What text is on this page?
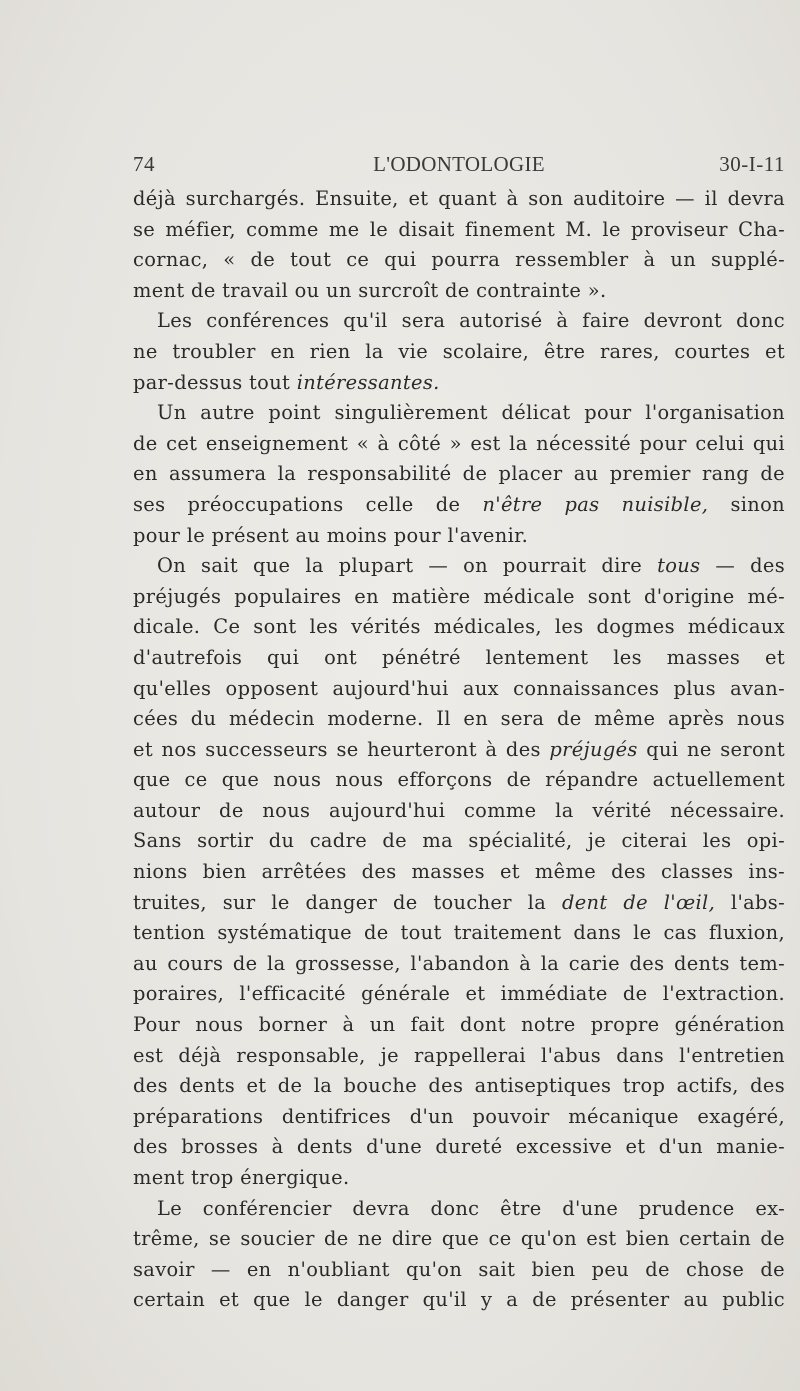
74	L'ODONTOLOGIE	30-I-11
déjà surchargés. Ensuite, et quant à son auditoire — il devra
se méfier, comme me le disait finement M. le proviseur Cha-
cornac, « de tout ce qui pourra ressembler à un supplé-
ment de travail ou un surcroît de contrainte ».
Les conférences qu'il sera autorisé à faire devront donc
ne troubler en rien la vie scolaire, être rares, courtes et
par-dessus tout intéressantes.
Un autre point singulièrement délicat pour l'organisation
de cet enseignement « à côté » est la nécessité pour celui qui
en assumera la responsabilité de placer au premier rang de
ses préoccupations celle de n'être pas nuisible, sinon
pour le présent au moins pour l'avenir.
On sait que la plupart — on pourrait dire tous — des
préjugés populaires en matière médicale sont d'origine mé-
dicale. Ce sont les vérités médicales, les dogmes médicaux
d'autrefois qui ont pénétré lentement les masses et
qu'elles opposent aujourd'hui aux connaissances plus avan-
cées du médecin moderne. Il en sera de même après nous
et nos successeurs se heurteront à des préjugés qui ne seront
que ce que nous nous efforçons de répandre actuellement
autour de nous aujourd'hui comme la vérité nécessaire.
Sans sortir du cadre de ma spécialité, je citerai les opi-
nions bien arrêtées des masses et même des classes ins-
truites, sur le danger de toucher la dent de l'œil, l'abs-
tention systématique de tout traitement dans le cas fluxion,
au cours de la grossesse, l'abandon à la carie des dents tem-
poraires, l'efficacité générale et immédiate de l'extraction.
Pour nous borner à un fait dont notre propre génération
est déjà responsable, je rappellerai l'abus dans l'entretien
des dents et de la bouche des antiseptiques trop actifs, des
préparations dentifrices d'un pouvoir mécanique exagéré,
des brosses à dents d'une dureté excessive et d'un manie-
ment trop énergique.
Le conférencier devra donc être d'une prudence ex-
trême, se soucier de ne dire que ce qu'on est bien certain de
savoir — en n'oubliant qu'on sait bien peu de chose de
certain et que le danger qu'il y a de présenter au public
